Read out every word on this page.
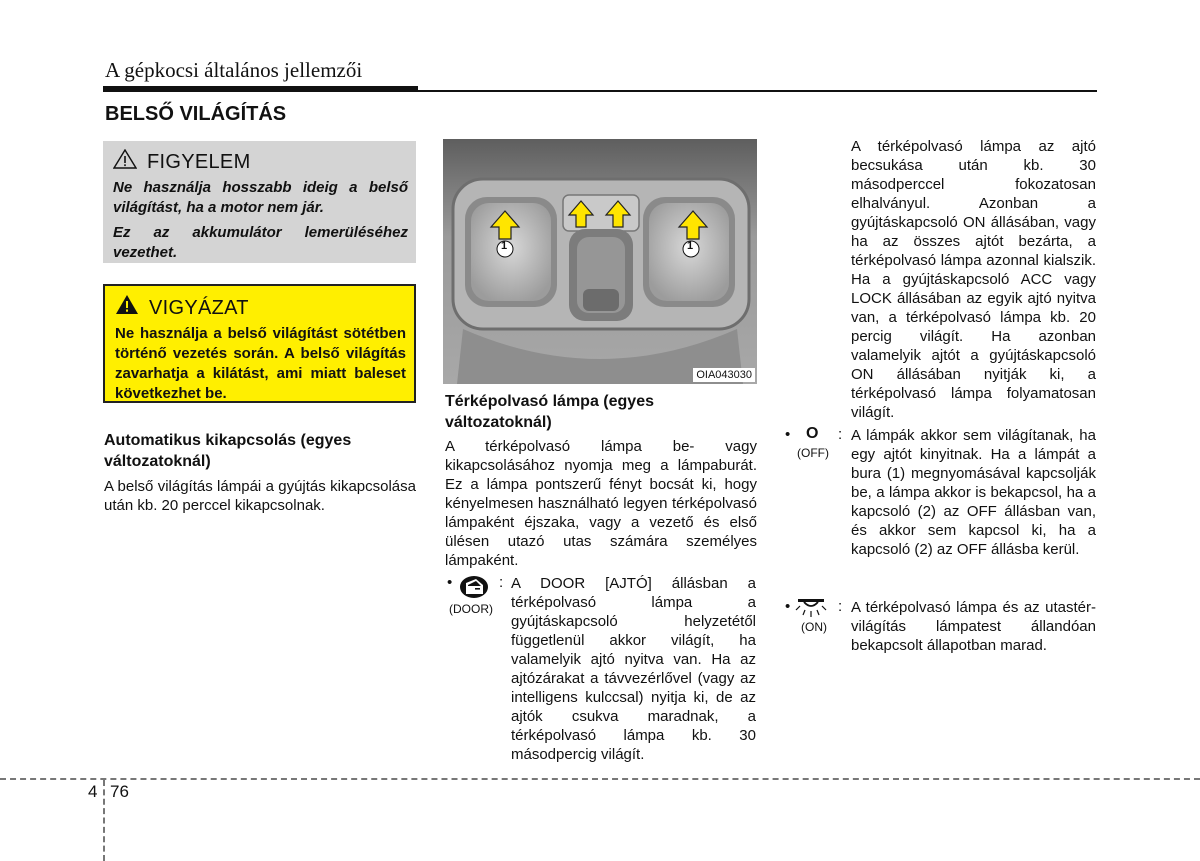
A gépkocsi általános jellemzői
BELSŐ VILÁGÍTÁS
FIGYELEM
Ne használja hosszabb ideig a belső világítást, ha a motor nem jár.
Ez az akkumulátor lemerüléséhez vezethet.
VIGYÁZAT
Ne használja a belső világítást sötétben történő vezetés során. A belső világítás zavarhatja a kilátást, ami miatt baleset következhet be.
Automatikus kikapcsolás (egyes változatoknál)
A belső világítás lámpái a gyújtás kikapcsolása után kb. 20 perccel kikapcsolnak.
1	1
OIA043030
Térképolvasó lámpa (egyes változatoknál)
A térképolvasó lámpa be- vagy kikapcsolásához nyomja meg a lámpaburát. Ez a lámpa pontszerű fényt bocsát ki, hogy kényelmesen használható legyen térképolvasó lámpaként éjszaka, vagy a vezető és első ülésen utazó utas számára személyes lámpaként.
•
(DOOR)
: A DOOR [AJTÓ] állásban a térképolvasó lámpa a gyújtáskapcsoló helyzetétől függetlenül akkor világít, ha valamelyik ajtó nyitva van. Ha az ajtózárakat a távvezérlővel (vagy az intelligens kulccsal) nyitja ki, de az ajtók csukva maradnak, a térképolvasó lámpa kb. 30 másodpercig világít.
A térképolvasó lámpa az ajtó becsukása után kb. 30 másodperccel fokozatosan elhalványul. Azonban a gyújtáskapcsoló ON állásában, vagy ha az összes ajtót bezárta, a térképolvasó lámpa azonnal kialszik. Ha a gyújtáskapcsoló ACC vagy LOCK állásában az egyik ajtó nyitva van, a térképolvasó lámpa kb. 20 percig világít. Ha azonban valamelyik ajtót a gyújtáskapcsoló ON állásában nyitják ki, a térképolvasó lámpa folyamatosan világít.
• O
(OFF)
: A lámpák akkor sem világítanak, ha egy ajtót kinyitnak. Ha a lámpát a bura (1) megnyomásával kapcsolják be, a lámpa akkor is bekapcsol, ha a kapcsoló (2) az OFF állásban van, és akkor sem kapcsol ki, ha a kapcsoló (2) az OFF állásba kerül.
•
(ON)
: A térképolvasó lámpa és az utastér-világítás lámpatest állandóan bekapcsolt állapotban marad.
4 76
